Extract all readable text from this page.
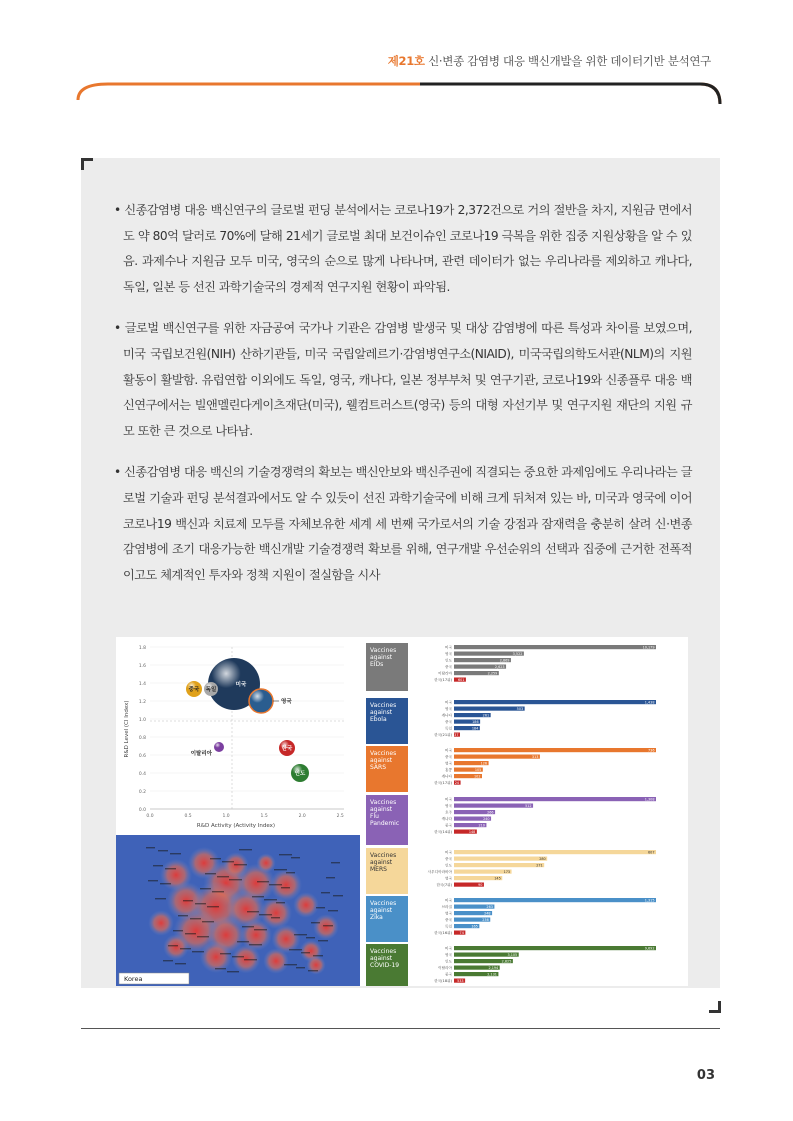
제21호 신·변종 감염병 대응 백신개발을 위한 데이터기반 분석연구
• 신종감염병 대응 백신연구의 글로벌 펀딩 분석에서는 코로나19가 2,372건으로 거의 절반을 차지, 지원금 면에서도 약 80억 달러로 70%에 달해 21세기 글로벌 최대 보건이슈인 코로나19 극복을 위한 집중 지원상황을 알 수 있음. 과제수나 지원금 모두 미국, 영국의 순으로 많게 나타나며, 관련 데이터가 없는 우리나라를 제외하고 캐나다, 독일, 일본 등 선진 과학기술국의 경제적 연구지원 현황이 파악됨.
• 글로벌 백신연구를 위한 자금공여 국가나 기관은 감염병 발생국 및 대상 감염병에 따른 특성과 차이를 보였으며, 미국 국립보건원(NIH) 산하기관들, 미국 국립알레르기·감염병연구소(NIAID), 미국국립의학도서관(NLM)의 지원활동이 활발함. 유럽연합 이외에도 독일, 영국, 캐나다, 일본 정부부처 및 연구기관, 코로나19와 신종플루 대응 백신연구에서는 빌앤멜린다게이츠재단(미국), 웰컴트러스트(영국) 등의 대형 자선기부 및 연구지원 재단의 지원 규모 또한 큰 것으로 나타남.
• 신종감염병 대응 백신의 기술경쟁력의 확보는 백신안보와 백신주권에 직결되는 중요한 과제임에도 우리나라는 글로벌 기술과 펀딩 분석결과에서도 알 수 있듯이 선진 과학기술국에 비해 크게 뒤처져 있는 바, 미국과 영국에 이어 코로나19 백신과 치료제 모두를 자체보유한 세계 세 번째 국가로서의 기술 강점과 잠재력을 충분히 살려 신·변종 감염병에 조기 대응가능한 백신개발 기술경쟁력 확보를 위해, 연구개발 우선순위의 선택과 집중에 근거한 전폭적이고도 체계적인 투자와 정책 지원이 절실함을 시사
1.8
1.6
1.4
1.2
1.0
0.8
0.6
0.4
0.2
0.0
0.0	0.5	1.0	1.5	2.0	2.5
R&D Activity (Activity Index)
R&D Level (CI Index)
미국
영국
중국 독일
이탈리아
한국
인도
Korea
Vaccines
against
EIDs
미국	10,179
영국	3,522
인도	2,869
중국	2,623
이탈리아	2,259
한국(17위) 601
Vaccines
against
Ebola
미국	1,438
영국	503
캐나다	261
중국	186
독일	184
한국(21위) 37
Vaccines
against
SARS
미국	736
중국	313
영국	126
홍콩	105
캐나다	102
한국(17위) 24
Vaccines
against
Flu
Pandemic
미국	1,308
영국	512
호주	266
캐나다	240
중국	210
한국(14위)	148
Vaccines
against
MERS
미국	607
중국	280
인도	271
사우디아라비아	173
영국	145
한국(7위)	90
Vaccines
against
Zika
미국	1,315
브라질	263
영국	248
중국	236
독일	165
한국(16위) 74
Vaccines
against
COVID-19
미국	9,692
영국	3,105
인도	2,825
이탈리아	2,194
중국	2,131
한국(18위) 533
03
